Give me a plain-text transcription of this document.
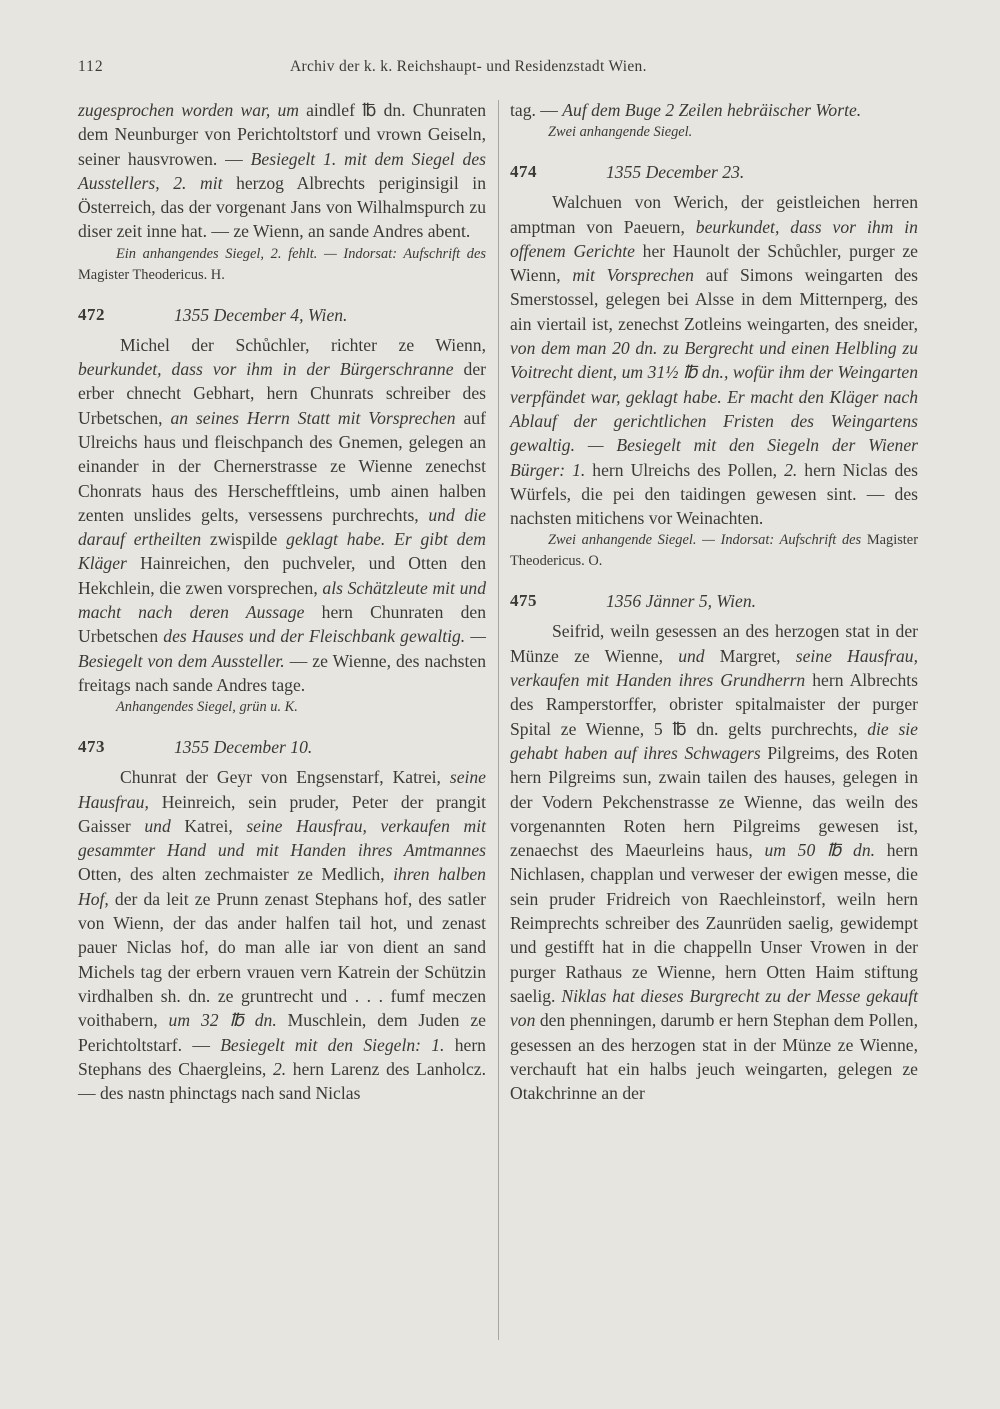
112	Archiv der k. k. Reichshaupt- und Residenzstadt Wien.

zugesprochen worden war, um aindlef ℔ dn. Chunraten dem Neunburger von Perichtoltstorf und vrown Geiseln, seiner hausvrowen. — Besiegelt 1. mit dem Siegel des Ausstellers, 2. mit herzog Albrechts periginsigil in Österreich, das der vorgenant Jans von Wilhalmspurch zu diser zeit inne hat. — ze Wienn, an sande Andres abent.

Ein anhangendes Siegel, 2. fehlt. — Indorsat: Aufschrift des Magister Theodericus. H.

472	1355 December 4, Wien.

Michel der Schůchler, richter ze Wienn, beurkundet, dass vor ihm in der Bürgerschranne der erber chnecht Gebhart, hern Chunrats schreiber des Urbetschen, an seines Herrn Statt mit Vorsprechen auf Ulreichs haus und fleischpanch des Gnemen, gelegen an einander in der Chernerstrasse ze Wienne zenechst Chonrats haus des Herschefftleins, umb ainen halben zenten unslides gelts, versessens purchrechts, und die darauf ertheilten zwispilde geklagt habe. Er gibt dem Kläger Hainreichen, den puchveler, und Otten den Hekchlein, die zwen vorsprechen, als Schätzleute mit und macht nach deren Aussage hern Chunraten den Urbetschen des Hauses und der Fleischbank gewaltig. — Besiegelt von dem Aussteller. — ze Wienne, des nachsten freitags nach sande Andres tage.

Anhangendes Siegel, grün u. K.

473	1355 December 10.

Chunrat der Geyr von Engsenstarf, Katrei, seine Hausfrau, Heinreich, sein pruder, Peter der prangit Gaisser und Katrei, seine Hausfrau, verkaufen mit gesammter Hand und mit Handen ihres Amtmannes Otten, des alten zechmaister ze Medlich, ihren halben Hof, der da leit ze Prunn zenast Stephans hof, des satler von Wienn, der das ander halfen tail hot, und zenast pauer Niclas hof, do man alle iar von dient an sand Michels tag der erbern vrauen vern Katrein der Schützin virdhalben sh. dn. ze gruntrecht und . . . fumf meczen voithabern, um 32 ℔ dn. Muschlein, dem Juden ze Perichtoltstarf. — Besiegelt mit den Siegeln: 1. hern Stephans des Chaergleins, 2. hern Larenz des Lanholcz. — des nastn phinctags nach sand Niclas

tag. — Auf dem Buge 2 Zeilen hebräischer Worte.

Zwei anhangende Siegel.

474	1355 December 23.

Walchuen von Werich, der geistleichen herren amptman von Paeuern, beurkundet, dass vor ihm in offenem Gerichte her Haunolt der Schůchler, purger ze Wienn, mit Vorsprechen auf Simons weingarten des Smerstossel, gelegen bei Alsse in dem Mitternperg, des ain viertail ist, zenechst Zotleins weingarten, des sneider, von dem man 20 dn. zu Bergrecht und einen Helbling zu Voitrecht dient, um 31½ ℔ dn., wofür ihm der Weingarten verpfändet war, geklagt habe. Er macht den Kläger nach Ablauf der gerichtlichen Fristen des Weingartens gewaltig. — Besiegelt mit den Siegeln der Wiener Bürger: 1. hern Ulreichs des Pollen, 2. hern Niclas des Würfels, die pei den taidingen gewesen sint. — des nachsten mitichens vor Weinachten.

Zwei anhangende Siegel. — Indorsat: Aufschrift des Magister Theodericus. O.

475	1356 Jänner 5, Wien.

Seifrid, weiln gesessen an des herzogen stat in der Münze ze Wienne, und Margret, seine Hausfrau, verkaufen mit Handen ihres Grundherrn hern Albrechts des Ramperstorffer, obrister spitalmaister der purger Spital ze Wienne, 5 ℔ dn. gelts purchrechts, die sie gehabt haben auf ihres Schwagers Pilgreims, des Roten hern Pilgreims sun, zwain tailen des hauses, gelegen in der Vodern Pekchenstrasse ze Wienne, das weiln des vorgenannten Roten hern Pilgreims gewesen ist, zenaechst des Maeurleins haus, um 50 ℔ dn. hern Nichlasen, chapplan und verweser der ewigen messe, die sein pruder Fridreich von Raechleinstorf, weiln hern Reimprechts schreiber des Zaunrüden saelig, gewidempt und gestifft hat in die chappelln Unser Vrowen in der purger Rathaus ze Wienne, hern Otten Haim stiftung saelig. Niklas hat dieses Burgrecht zu der Messe gekauft von den phenningen, darumb er hern Stephan dem Pollen, gesessen an des herzogen stat in der Münze ze Wienne, verchauft hat ein halbs jeuch weingarten, gelegen ze Otakchrinne an der
